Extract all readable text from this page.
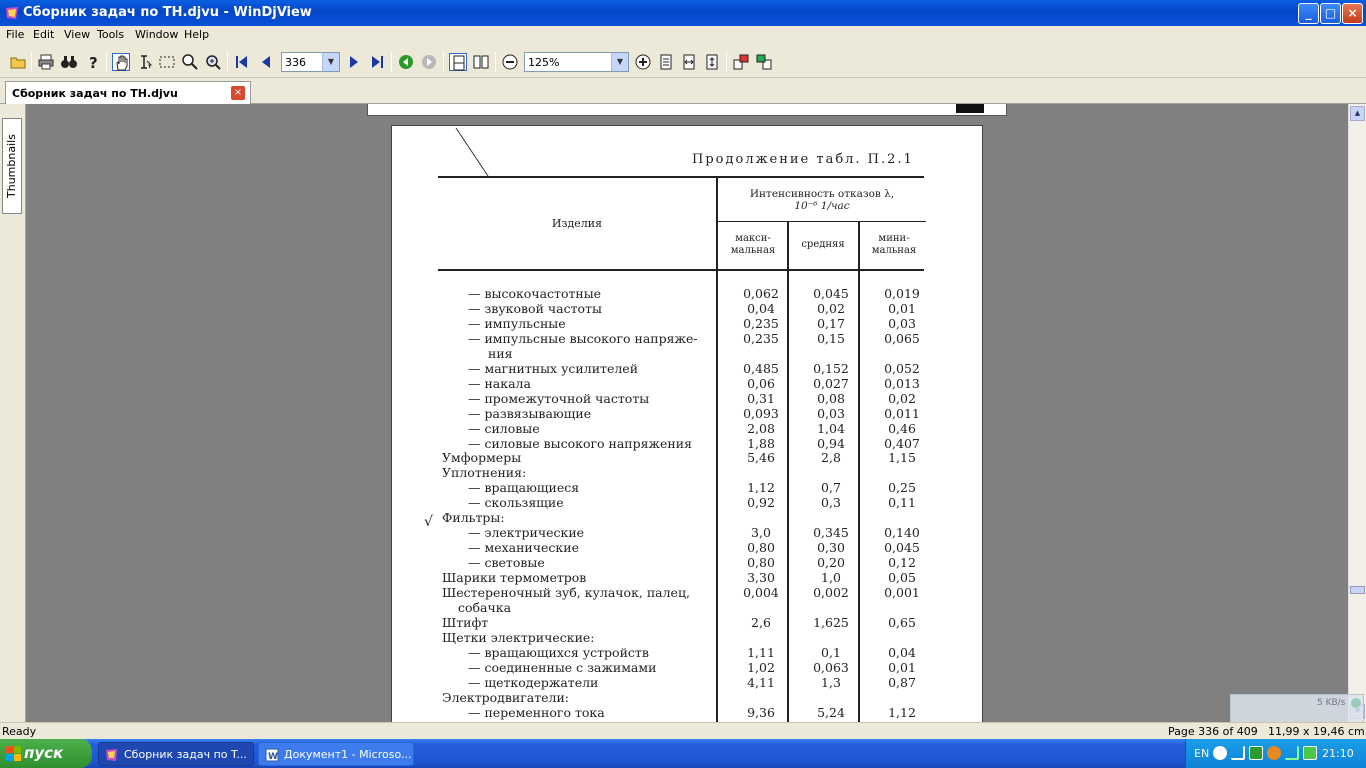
Сборник задач по TH.djvu - WinDjView	_	□ ×
File Edit View Tools Window Help
?	336	▼	125%	▼
Сборник задач по TH.djvu	×
Thumbnails	Продолжение табл. П.2.1
Изделия
Интенсивность отказов λ,
10⁻⁶ 1/час
макси-
мальная
средняя
мини-
мальная
√
— высокочастотные	0,062	0,045	0,019
— звуковой частоты	0,04	0,02	0,01
— импульсные	0,235	0,17	0,03
— импульсные высокого напряже-	0,235	0,15	0,065
ния
— магнитных усилителей	0,485	0,152	0,052
— накала	0,06	0,027	0,013
— промежуточной частоты	0,31	0,08	0,02
— развязывающие	0,093	0,03	0,011
— силовые	2,08	1,04	0,46
— силовые высокого напряжения	1,88	0,94	0,407
Умформеры	5,46	2,8	1,15
Уплотнения:
— вращающиеся	1,12	0,7	0,25
— скользящие	0,92	0,3	0,11
Фильтры:
— электрические	3,0	0,345	0,140
— механические	0,80	0,30	0,045
— световые	0,80	0,20	0,12
Шарики термометров	3,30	1,0	0,05
Шестереночный зуб, кулачок, палец,	0,004	0,002	0,001
собачка
Штифт	2,6	1,625	0,65
Щетки электрические:
— вращающихся устройств	1,11	0,1	0,04
— соединенные с зажимами	1,02	0,063	0,01
— щеткодержатели	4,11	1,3	0,87
Электродвигатели:
— переменного тока	9,36	5,24	1,12
▲
5 KB/s
Ready	Page 336 of 409 11,99 x 19,46 cm
пуск	Сборник задач по T... W Документ1 - Microso...	EN	21:10
